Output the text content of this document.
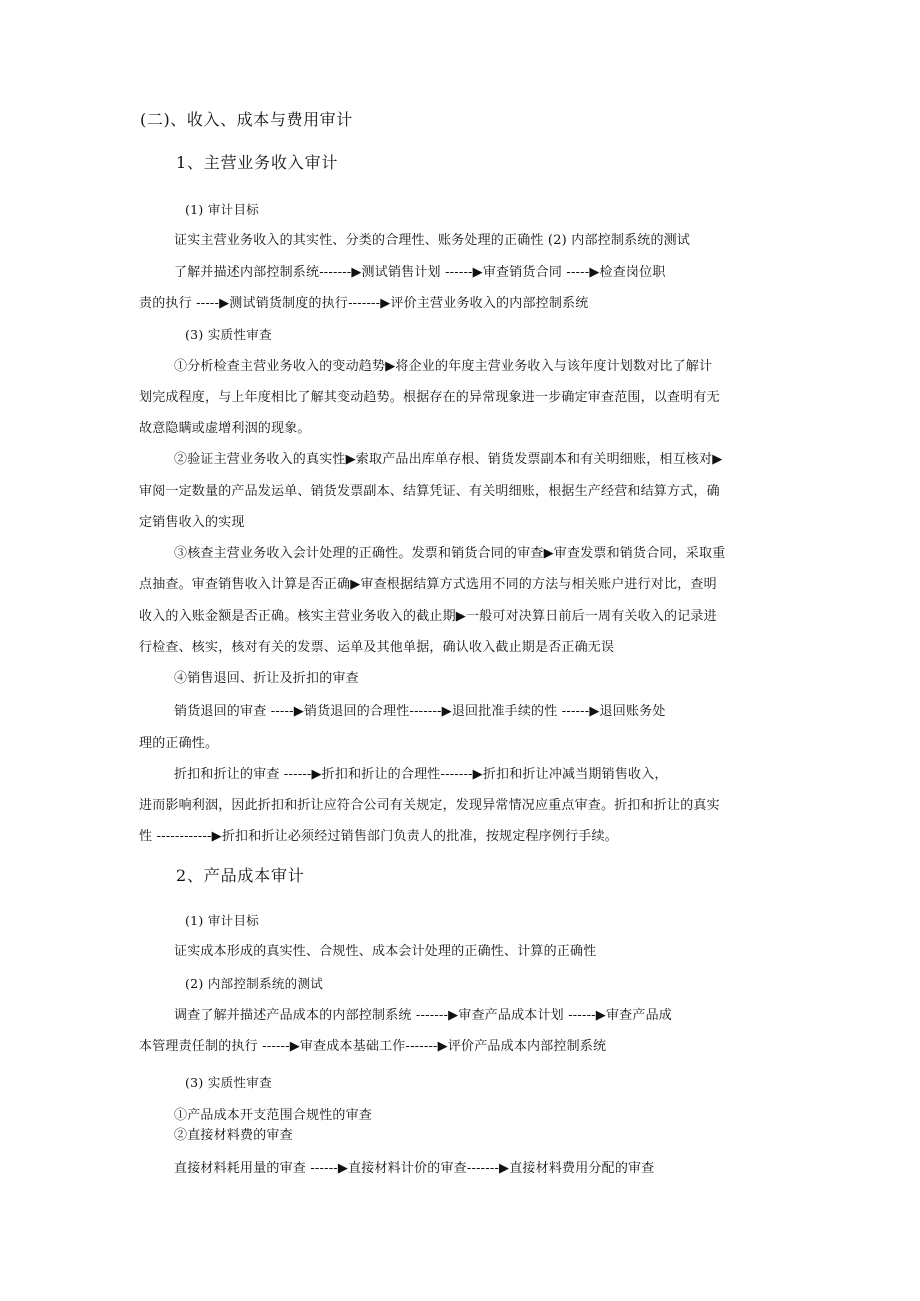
(二)、收入、成本与费用审计
1、主营业务收入审计
(1) 审计目标
证实主营业务收入的其实性、分类的合理性、账务处理的正确性 (2) 内部控制系统的测试
了解并描述内部控制系统-------▶测试销售计划 ------▶审查销货合同 -----▶检查岗位职
责的执行 -----▶测试销货制度的执行-------▶评价主营业务收入的内部控制系统
(3) 实质性审查
①分析检查主营业务收入的变动趋势▶将企业的年度主营业务收入与该年度计划数对比了解计
划完成程度，与上年度相比了解其变动趋势。根据存在的异常现象进一步确定审查范围，以查明有无
故意隐瞒或虚增利洇的现象。
②验证主营业务收入的真实性▶索取产品出库单存根、销货发票副本和有关明细账，相互核对▶
审阅一定数量的产品发运单、销货发票副本、结算凭证、有关明细账，根据生产经营和结算方式，确
定销售收入的实现
③核查主营业务收入会计处理的正确性。发票和销货合同的审查▶审查发票和销货合同，采取重
点抽查。审查销售收入计算是否正确▶审查根据结算方式选用不同的方法与相关账户进行对比，查明
收入的入账金额是否正确。核实主营业务收入的截止期▶一般可对决算日前后一周有关收入的记录进
行检查、核实，核对有关的发票、运单及其他单据，确认收入截止期是否正确无误
④销售退回、折让及折扣的审查
销货退回的审查 -----▶销货退回的合理性-------▶退回批准手续的性 ------▶退回账务处
理的正确性。
折扣和折让的审查 ------▶折扣和折让的合理性-------▶折扣和折让冲减当期销售收入，
进而影响利洇，因此折扣和折让应符合公司有关规定，发现异常情况应重点审查。折扣和折让的真实
性 ------------▶折扣和折让必须经过销售部门负责人的批准，按规定程序例行手续。
2、产品成本审计
(1) 审计目标
证实成本形成的真实性、合规性、成本会计处理的正确性、计算的正确性
(2) 内部控制系统的测试
调查了解并描述产品成本的内部控制系统 -------▶审查产品成本计划 ------▶审查产品成
本管理责任制的执行 ------▶审查成本基础工作-------▶评价产品成本内部控制系统
(3) 实质性审查
①产品成本开支范围合规性的审查
②直接材料费的审查
直接材料耗用量的审查 ------▶直接材料计价的审查-------▶直接材料费用分配的审查
